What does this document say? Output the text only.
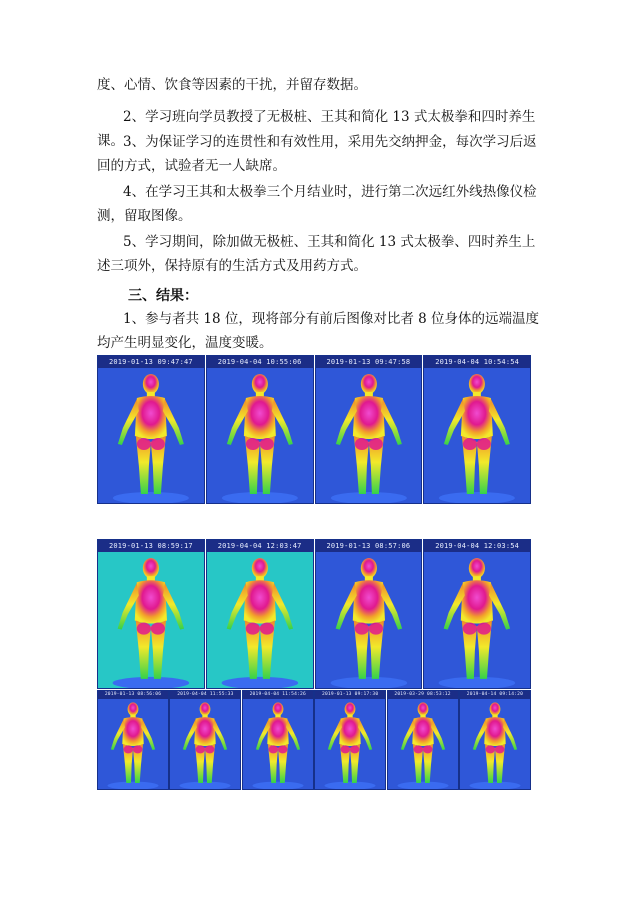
度、心情、饮食等因素的干扰，并留存数据。

2、学习班向学员教授了无极桩、王其和简化 13 式太极拳和四时养生课。 3、为保证学习的连贯性和有效性用，采用先交纳押金，每次学习后返回的方式，试验者无一人缺席。

4、在学习王其和太极拳三个月结业时，进行第二次远红外线热像仪检测，留取图像。

5、学习期间，除加做无极桩、王其和简化 13 式太极拳、四时养生上述三项外，保持原有的生活方式及用药方式。

三、结果：

1、参与者共 18 位，现将部分有前后图像对比者 8 位身体的远端温度均产生明显变化，温度变暖。

2019-01-13 09:47:47	2019-04-04 10:55:06	2019-01-13 09:47:58	2019-04-04 10:54:54
2019-01-13 08:59:17	2019-04-04 12:03:47	2019-01-13 08:57:06	2019-04-04 12:03:54
2019-01-13 08:56:06	2019-04-04 11:55:33	2019-04-04 11:54:26	2019-01-13 09:17:30	2019-03-29 08:53:12	2019-04-14 09:14:20
